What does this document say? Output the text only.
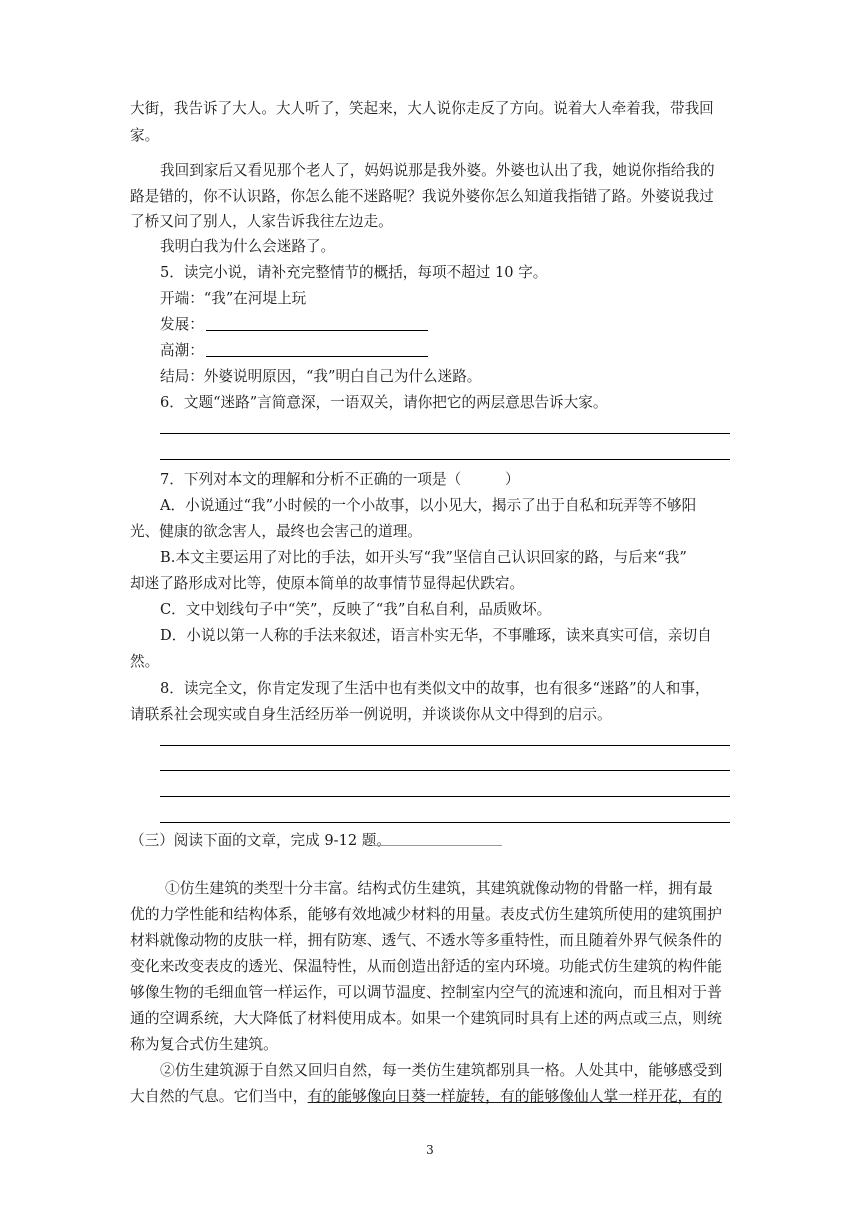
大街，我告诉了大人。大人听了，笑起来，大人说你走反了方向。说着大人牵着我，带我回
家。
我回到家后又看见那个老人了，妈妈说那是我外婆。外婆也认出了我，她说你指给我的
路是错的，你不认识路，你怎么能不迷路呢？我说外婆你怎么知道我指错了路。外婆说我过
了桥又问了别人，人家告诉我往左边走。
我明白我为什么会迷路了。
5．读完小说，请补充完整情节的概括，每项不超过 10 字。
开端：“我”在河堤上玩
发展：
高潮：
结局：外婆说明原因，“我”明白自己为什么迷路。
6．文题“迷路”言简意深，一语双关，请你把它的两层意思告诉大家。
7．下列对本文的理解和分析不正确的一项是（　　　）
A．小说通过“我”小时候的一个小故事，以小见大，揭示了出于自私和玩弄等不够阳
光、健康的欲念害人，最终也会害己的道理。
B.本文主要运用了对比的手法，如开头写“我”坚信自己认识回家的路，与后来“我”
却迷了路形成对比等，使原本简单的故事情节显得起伏跌宕。
C．文中划线句子中“笑”，反映了“我”自私自利，品质败坏。
D．小说以第一人称的手法来叙述，语言朴实无华，不事雕琢，读来真实可信，亲切自
然。
8．读完全文，你肯定发现了生活中也有类似文中的故事，也有很多“迷路”的人和事，
请联系社会现实或自身生活经历举一例说明，并谈谈你从文中得到的启示。
（三）阅读下面的文章，完成 9-12 题。
①仿生建筑的类型十分丰富。结构式仿生建筑，其建筑就像动物的骨骼一样，拥有最
优的力学性能和结构体系，能够有效地减少材料的用量。表皮式仿生建筑所使用的建筑围护
材料就像动物的皮肤一样，拥有防寒、透气、不透水等多重特性，而且随着外界气候条件的
变化来改变表皮的透光、保温特性，从而创造出舒适的室内环境。功能式仿生建筑的构件能
够像生物的毛细血管一样运作，可以调节温度、控制室内空气的流速和流向，而且相对于普
通的空调系统，大大降低了材料使用成本。如果一个建筑同时具有上述的两点或三点，则统
称为复合式仿生建筑。
②仿生建筑源于自然又回归自然，每一类仿生建筑都别具一格。人处其中，能够感受到
大自然的气息。它们当中，有的能够像向日葵一样旋转，有的能够像仙人掌一样开花，有的
3
